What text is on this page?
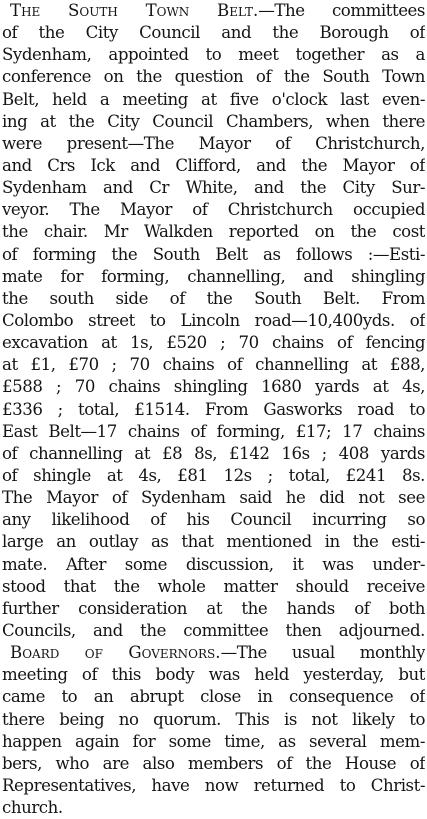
The South Town Belt.—The committees
of the City Council and the Borough of
Sydenham, appointed to meet together as a
conference on the question of the South Town
Belt, held a meeting at five o'clock last even-
ing at the City Council Chambers, when there
were present—The Mayor of Christchurch,
and Crs Ick and Clifford, and the Mayor of
Sydenham and Cr White, and the City Sur-
veyor. The Mayor of Christchurch occupied
the chair. Mr Walkden reported on the cost
of forming the South Belt as follows :—Esti-
mate for forming, channelling, and shingling
the south side of the South Belt. From
Colombo street to Lincoln road—10,400yds. of
excavation at 1s, £520 ; 70 chains of fencing
at £1, £70 ; 70 chains of channelling at £88,
£588 ; 70 chains shingling 1680 yards at 4s,
£336 ; total, £1514. From Gasworks road to
East Belt—17 chains of forming, £17; 17 chains
of channelling at £8 8s, £142 16s ; 408 yards
of shingle at 4s, £81 12s ; total, £241 8s.
The Mayor of Sydenham said he did not see
any likelihood of his Council incurring so
large an outlay as that mentioned in the esti-
mate. After some discussion, it was under-
stood that the whole matter should receive
further consideration at the hands of both
Councils, and the committee then adjourned.
Board of Governors.—The usual monthly
meeting of this body was held yesterday, but
came to an abrupt close in consequence of
there being no quorum. This is not likely to
happen again for some time, as several mem-
bers, who are also members of the House of
Representatives, have now returned to Christ-
church.
